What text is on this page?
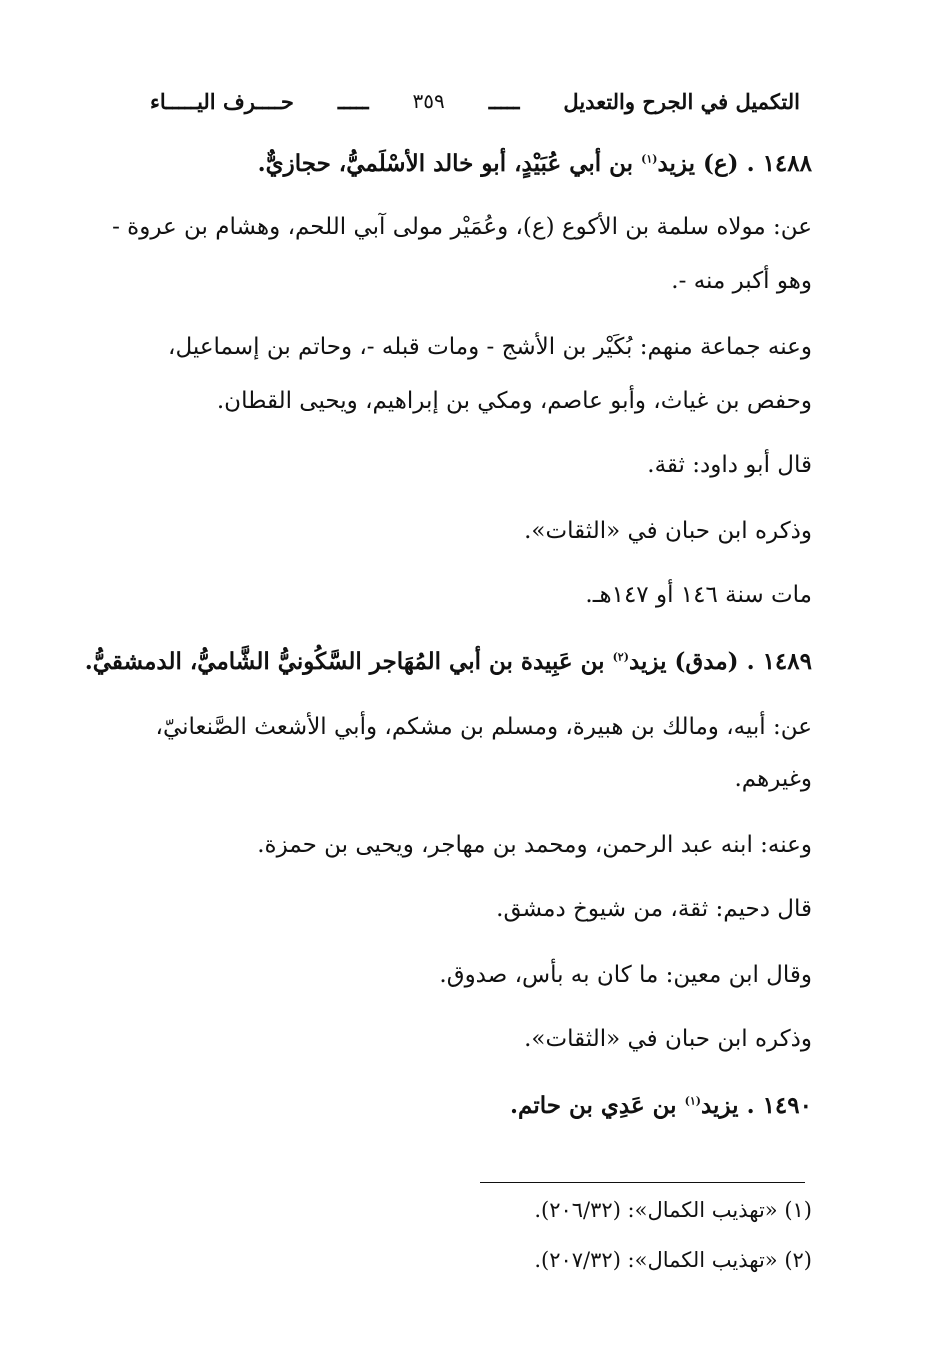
التكميل في الجرح والتعديل
ـــــ
٣٥٩
ـــــ
حــــرف اليـــــاء
١٤٨٨ . (ع) يزيد$^{(١)}$ بن أبي عُبَيْدٍ، أبو خالد الأسْلَميُّ، حجازيٌّ.
عن: مولاه سلمة بن الأكوع (ع)، وعُمَيْر مولى آبي اللحم، وهشام بن عروة -
وهو أكبر منه -.
وعنه جماعة منهم: بُكَيْر بن الأشج - ومات قبله -، وحاتم بن إسماعيل،
وحفص بن غياث، وأبو عاصم، ومكي بن إبراهيم، ويحيى القطان.
قال أبو داود: ثقة.
وذكره ابن حبان في «الثقات».
مات سنة ١٤٦ أو ١٤٧هـ.
١٤٨٩ . (مدق) يزيد$^{(٢)}$ بن عَبِيدة بن أبي المُهَاجر السَّكُونيُّ الشَّاميُّ، الدمشقيُّ.
عن: أبيه، ومالك بن هبيرة، ومسلم بن مشكم، وأبي الأشعث الصَّنعانيّ،
وغيرهم.
وعنه: ابنه عبد الرحمن، ومحمد بن مهاجر، ويحيى بن حمزة.
قال دحيم: ثقة، من شيوخ دمشق.
وقال ابن معين: ما كان به بأس، صدوق.
وذكره ابن حبان في «الثقات».
١٤٩٠ . يزيد$^{(١)}$ بن عَدِي بن حاتم.
(١) «تهذيب الكمال»: (٢٠٦/٣٢).
(٢) «تهذيب الكمال»: (٢٠٧/٣٢).
